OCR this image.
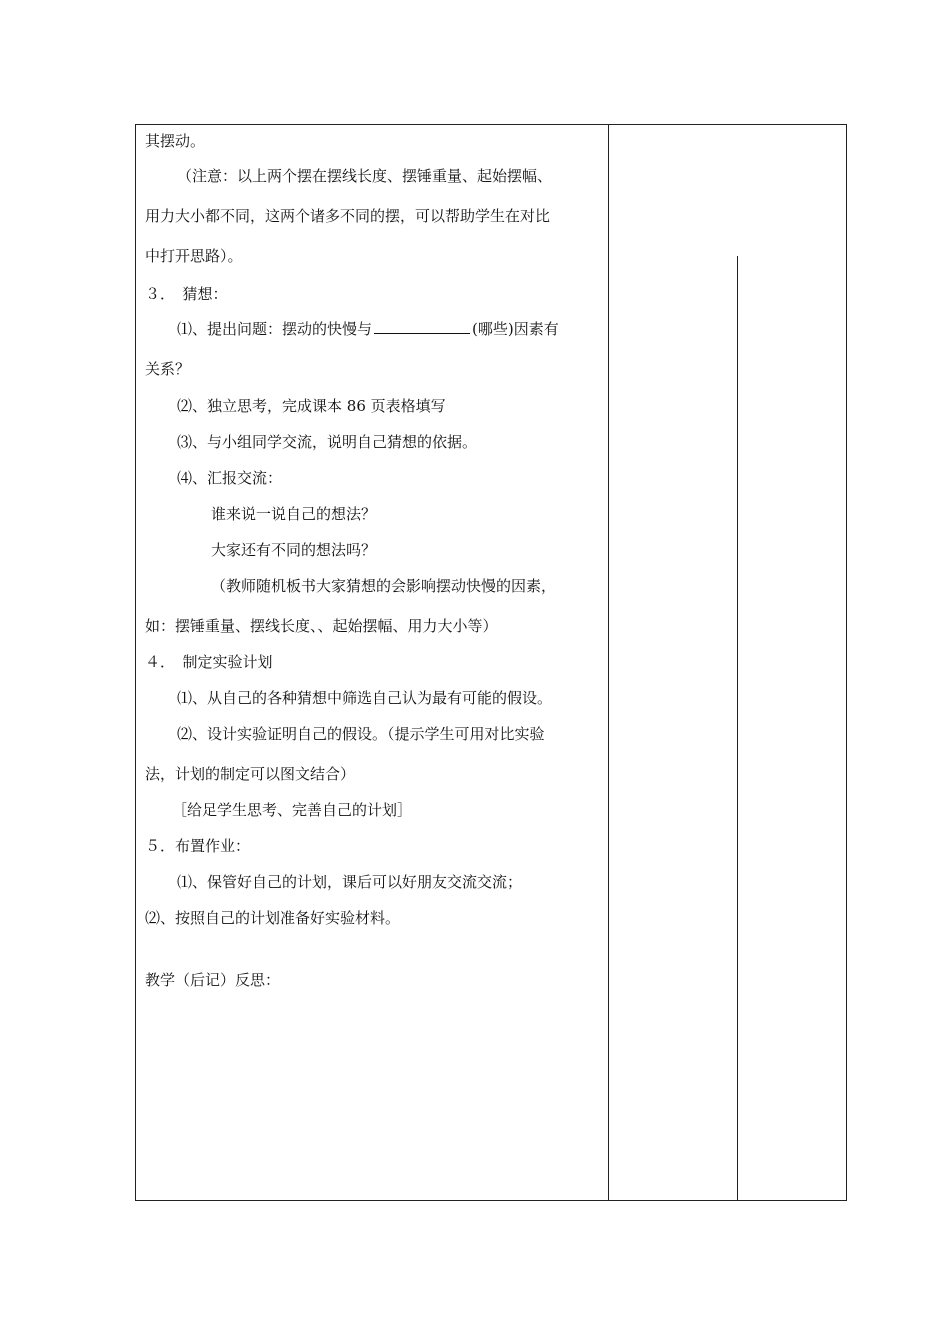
其摆动。
（注意：以上两个摆在摆线长度、摆锤重量、起始摆幅、
用力大小都不同，这两个诸多不同的摆，可以帮助学生在对比
中打开思路）。
３．　猜想：
⑴、提出问题：摆动的快慢与	(哪些)因素有
关系？
⑵、独立思考，完成课本 86 页表格填写
⑶、与小组同学交流，说明自己猜想的依据。
⑷、汇报交流：
谁来说一说自己的想法？
大家还有不同的想法吗？
（教师随机板书大家猜想的会影响摆动快慢的因素，
如：摆锤重量、摆线长度、、起始摆幅、用力大小等）
４．　制定实验计划
⑴、从自己的各种猜想中筛选自己认为最有可能的假设。
⑵、设计实验证明自己的假设。（提示学生可用对比实验
法，计划的制定可以图文结合）
［给足学生思考、完善自己的计划］
５．布置作业：
⑴、保管好自己的计划，课后可以好朋友交流交流；
⑵、按照自己的计划准备好实验材料。
教学（后记）反思：
